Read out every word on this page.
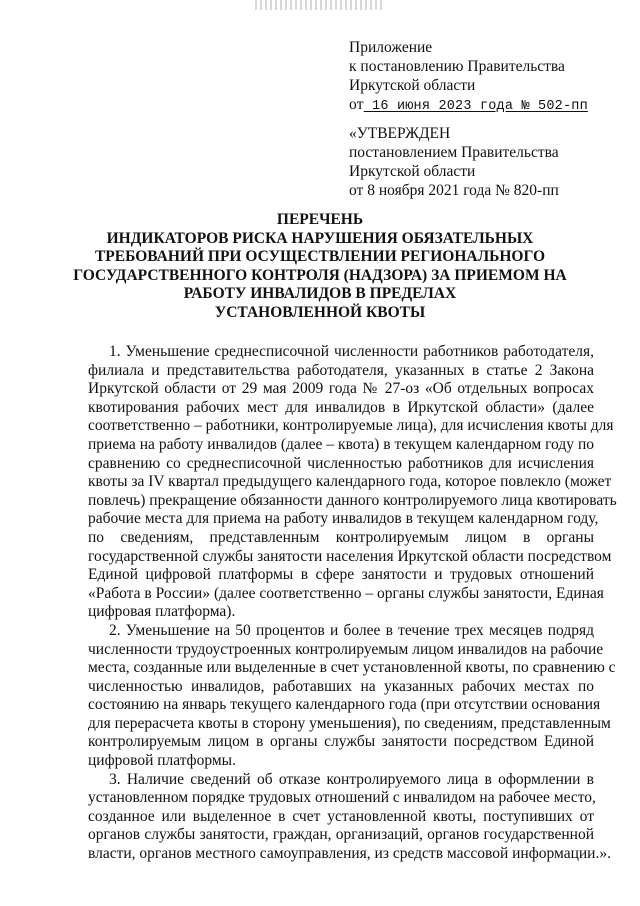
Приложение
к постановлению Правительства
Иркутской области
от 16 июня 2023 года № 502-пп
«УТВЕРЖДЕН
постановлением Правительства
Иркутской области
от 8 ноября 2021 года № 820-пп
ПЕРЕЧЕНЬ
ИНДИКАТОРОВ РИСКА НАРУШЕНИЯ ОБЯЗАТЕЛЬНЫХ
ТРЕБОВАНИЙ ПРИ ОСУЩЕСТВЛЕНИИ РЕГИОНАЛЬНОГО
ГОСУДАРСТВЕННОГО КОНТРОЛЯ (НАДЗОРА) ЗА ПРИЕМОМ НА
РАБОТУ ИНВАЛИДОВ В ПРЕДЕЛАХ
УСТАНОВЛЕННОЙ КВОТЫ

1. Уменьшение среднесписочной численности работников работодателя,
филиала и представительства работодателя, указанных в статье 2 Закона
Иркутской области от 29 мая 2009 года № 27-оз «Об отдельных вопросах
квотирования рабочих мест для инвалидов в Иркутской области» (далее
соответственно – работники, контролируемые лица), для исчисления квоты для
приема на работу инвалидов (далее – квота) в текущем календарном году по
сравнению со среднесписочной численностью работников для исчисления
квоты за IV квартал предыдущего календарного года, которое повлекло (может
повлечь) прекращение обязанности данного контролируемого лица квотировать
рабочие места для приема на работу инвалидов в текущем календарном году,
по сведениям, представленным контролируемым лицом в органы
государственной службы занятости населения Иркутской области посредством
Единой цифровой платформы в сфере занятости и трудовых отношений
«Работа в России» (далее соответственно – органы службы занятости, Единая
цифровая платформа).

2. Уменьшение на 50 процентов и более в течение трех месяцев подряд
численности трудоустроенных контролируемым лицом инвалидов на рабочие
места, созданные или выделенные в счет установленной квоты, по сравнению с
численностью инвалидов, работавших на указанных рабочих местах по
состоянию на январь текущего календарного года (при отсутствии основания
для перерасчета квоты в сторону уменьшения), по сведениям, представленным
контролируемым лицом в органы службы занятости посредством Единой
цифровой платформы.

3. Наличие сведений об отказе контролируемого лица в оформлении в
установленном порядке трудовых отношений с инвалидом на рабочее место,
созданное или выделенное в счет установленной квоты, поступивших от
органов службы занятости, граждан, организаций, органов государственной
власти, органов местного самоуправления, из средств массовой информации.».
